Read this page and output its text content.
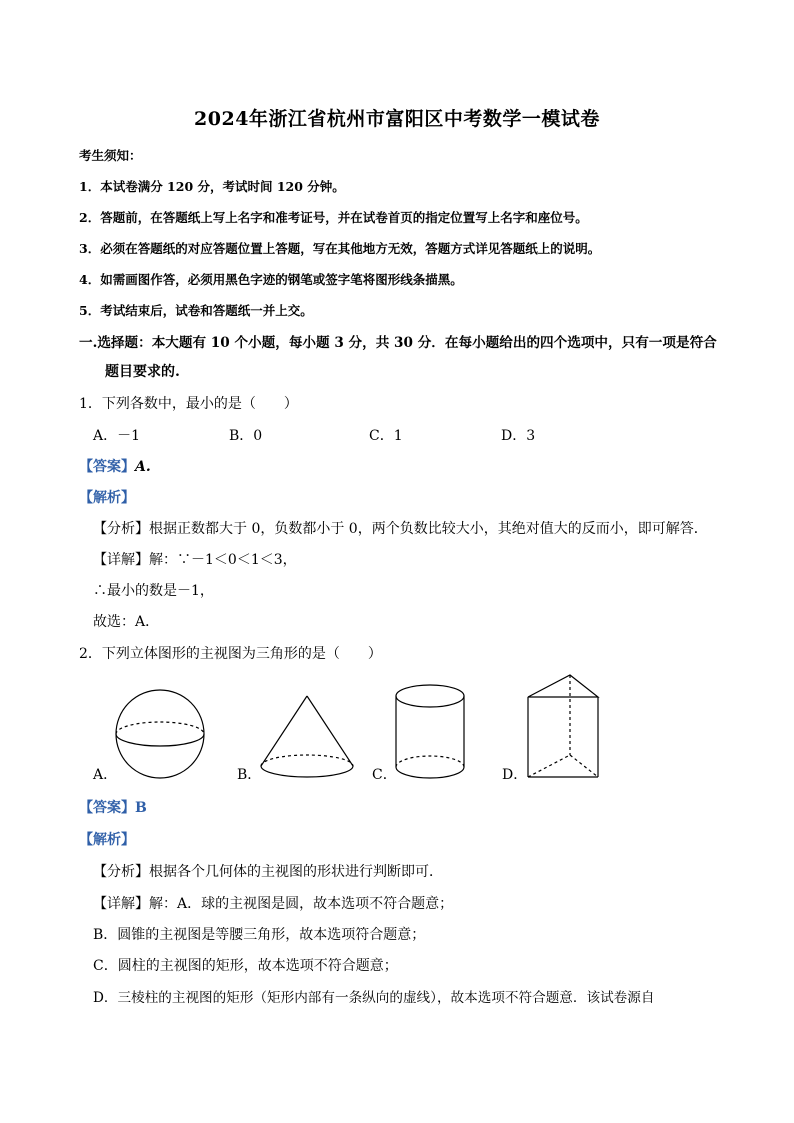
2024年浙江省杭州市富阳区中考数学一模试卷
考生须知：
1．本试卷满分 120 分，考试时间 120 分钟。
2．答题前，在答题纸上写上名字和准考证号，并在试卷首页的指定位置写上名字和座位号。
3．必须在答题纸的对应答题位置上答题，写在其他地方无效，答题方式详见答题纸上的说明。
4．如需画图作答，必须用黑色字迹的钢笔或签字笔将图形线条描黑。
5．考试结束后，试卷和答题纸一并上交。
一.选择题：本大题有 10 个小题，每小题 3 分，共 30 分．在每小题给出的四个选项中，只有一项是符合
题目要求的.
1．下列各数中，最小的是（　　）
A．－1	B．0	C．1	D．3
【答案】A.
【解析】
【分析】根据正数都大于 0，负数都小于 0，两个负数比较大小，其绝对值大的反而小，即可解答．
【详解】解：∵－1＜0＜1＜3，
∴最小的数是－1，
故选：A．
2．下列立体图形的主视图为三角形的是（　　）
A．	B．	C．	D．
【答案】B
【解析】
【分析】根据各个几何体的主视图的形状进行判断即可．
【详解】解：A．球的主视图是圆，故本选项不符合题意；
B．圆锥的主视图是等腰三角形，故本选项符合题意；
C．圆柱的主视图的矩形，故本选项不符合题意；
D．三棱柱的主视图的矩形（矩形内部有一条纵向的虚线），故本选项不符合题意．该试卷源自
